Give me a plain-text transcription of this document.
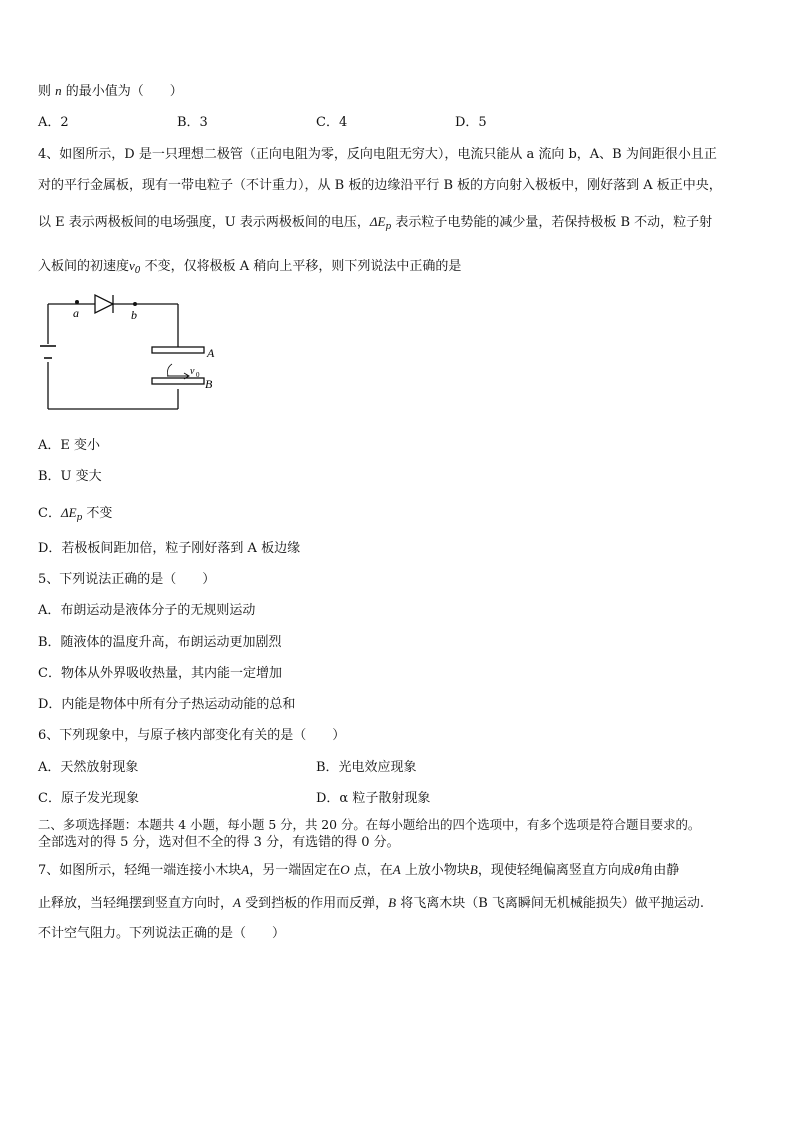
则 n 的最小值为（　　）
A．2	B．3	C．4	D．5
4、如图所示，D 是一只理想二极管（正向电阻为零，反向电阻无穷大），电流只能从 a 流向 b，A、B 为间距很小且正
对的平行金属板，现有一带电粒子（不计重力），从 B 板的边缘沿平行 B 板的方向射入极板中，刚好落到 A 板正中央，
以 E 表示两极板间的电场强度，U 表示两极板间的电压，$\Delta E_p$ 表示粒子电势能的减少量，若保持极板 B 不动，粒子射
入板间的初速度$v_0$ 不变，仅将极板 A 稍向上平移，则下列说法中正确的是
a	b
A
B
v 0
A．E 变小
B．U 变大
C．$\Delta E_p$ 不变
D．若极板间距加倍，粒子刚好落到 A 板边缘
5、下列说法正确的是（　　）
A．布朗运动是液体分子的无规则运动
B．随液体的温度升高，布朗运动更加剧烈
C．物体从外界吸收热量，其内能一定增加
D．内能是物体中所有分子热运动动能的总和
6、下列现象中，与原子核内部变化有关的是（　　）
A．天然放射现象	B．光电效应现象
C．原子发光现象	D．α 粒子散射现象
二、多项选择题：本题共 4 小题，每小题 5 分，共 20 分。在每小题给出的四个选项中，有多个选项是符合题目要求的。
全部选对的得 5 分，选对但不全的得 3 分，有选错的得 0 分。
7、如图所示，轻绳一端连接小木块A，另一端固定在O 点，在A 上放小物块B，现使轻绳偏离竖直方向成θ角由静
止释放，当轻绳摆到竖直方向时，A 受到挡板的作用而反弹，B 将飞离木块（B 飞离瞬间无机械能损失）做平抛运动.
不计空气阻力。下列说法正确的是（　　）
